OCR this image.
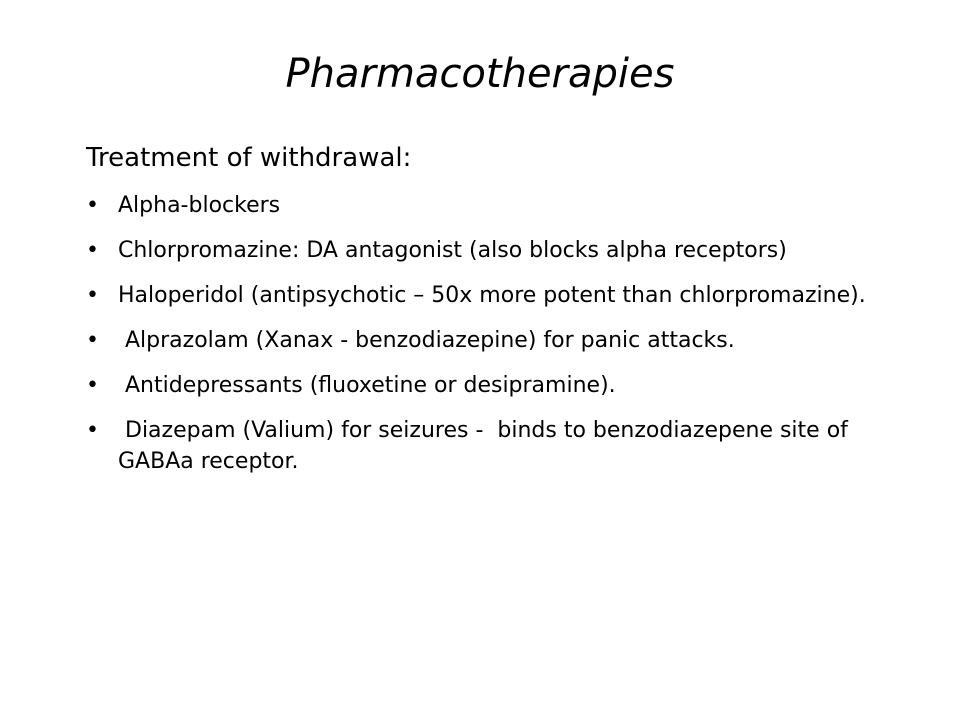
Pharmacotherapies
Treatment of withdrawal:
• Alpha-blockers
• Chlorpromazine: DA antagonist (also blocks alpha receptors)
• Haloperidol (antipsychotic – 50x more potent than chlorpromazine).
• Alprazolam (Xanax - benzodiazepine) for panic attacks.
• Antidepressants (fluoxetine or desipramine).
• Diazepam (Valium) for seizures -  binds to benzodiazepene site of GABAa receptor.
